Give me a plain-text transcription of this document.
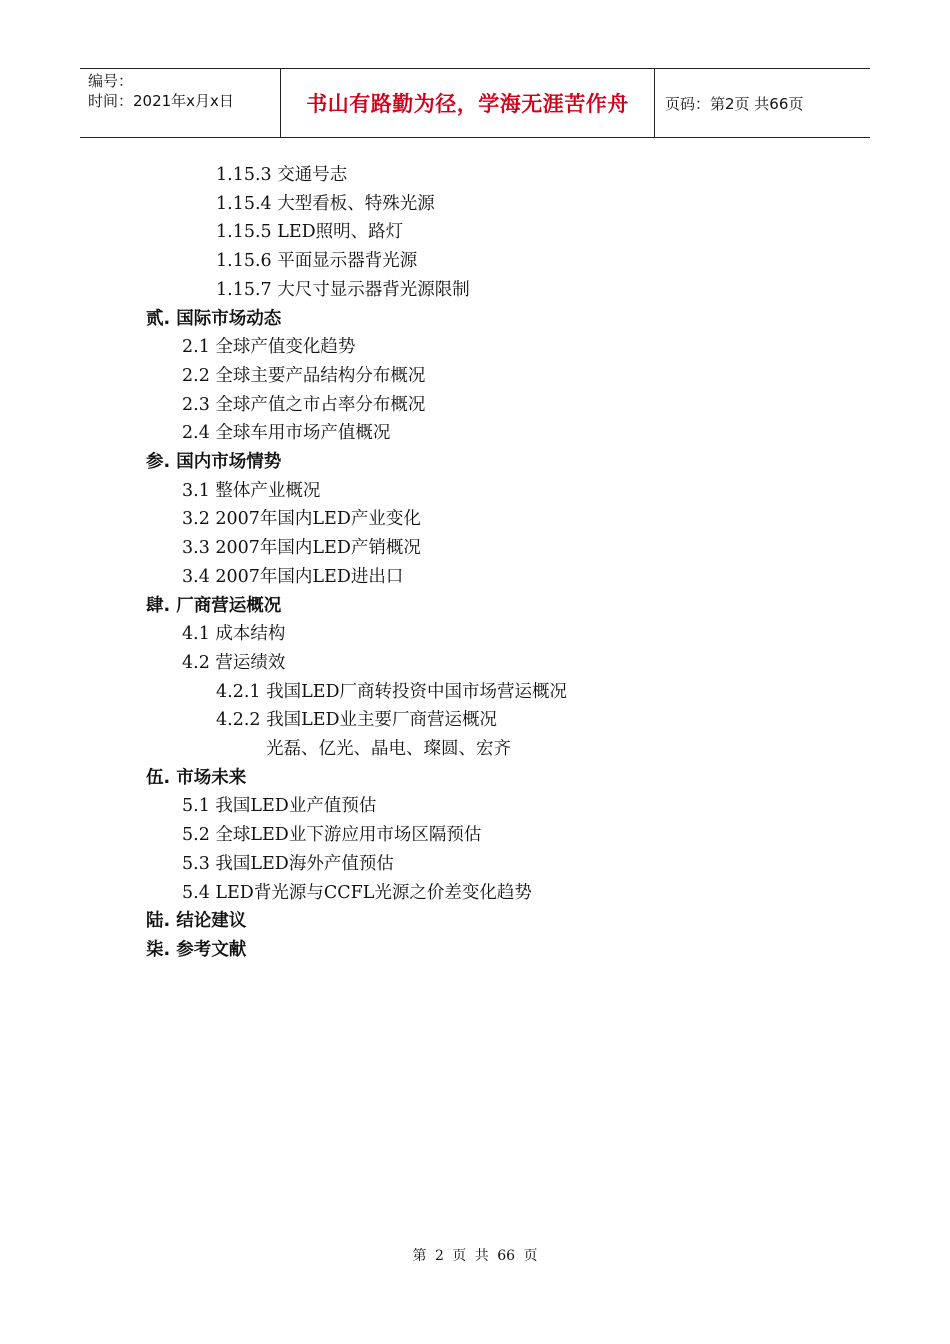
编号：
时间：2021年x月x日	书山有路勤为径，学海无涯苦作舟	页码：第2页 共66页
1.15.3 交通号志
1.15.4 大型看板、特殊光源
1.15.5 LED照明、路灯
1.15.6 平面显示器背光源
1.15.7 大尺寸显示器背光源限制
贰. 国际市场动态
2.1 全球产值变化趋势
2.2 全球主要产品结构分布概况
2.3 全球产值之市占率分布概况
2.4 全球车用市场产值概况
参. 国内市场情势
3.1 整体产业概况
3.2 2007年国内LED产业变化
3.3 2007年国内LED产销概况
3.4 2007年国内LED进出口
肆. 厂商营运概况
4.1 成本结构
4.2 营运绩效
4.2.1 我国LED厂商转投资中国市场营运概况
4.2.2 我国LED业主要厂商营运概况
光磊、亿光、晶电、璨圆、宏齐
伍. 市场未来
5.1 我国LED业产值预估
5.2 全球LED业下游应用市场区隔预估
5.3 我国LED海外产值预估
5.4 LED背光源与CCFL光源之价差变化趋势
陆. 结论建议
柒. 参考文献
第 2 页 共 66 页
